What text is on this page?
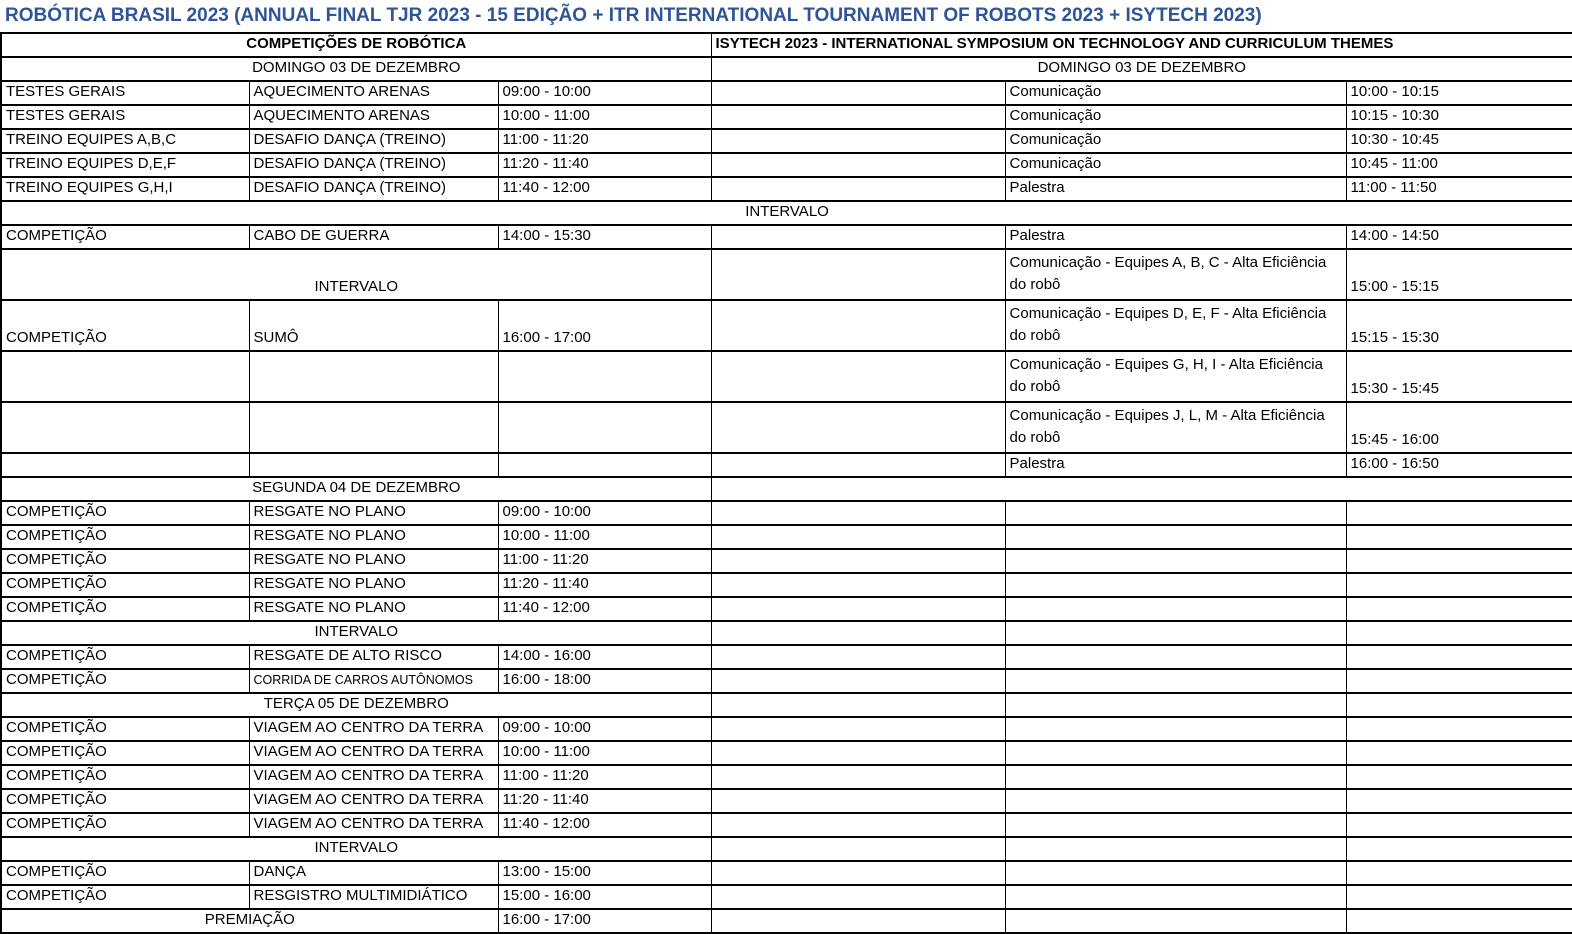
ROBÓTICA BRASIL 2023 (ANNUAL FINAL TJR 2023 - 15 EDIÇÃO + ITR INTERNATIONAL TOURNAMENT OF ROBOTS 2023 + ISYTECH 2023)
COMPETIÇÕES DE ROBÓTICA			ISYTECH 2023 - INTERNATIONAL SYMPOSIUM ON TECHNOLOGY AND CURRICULUM THEMES		
DOMINGO 03 DE DEZEMBRO			DOMINGO 03 DE DEZEMBRO		
TESTES GERAIS	AQUECIMENTO ARENAS	09:00 - 10:00		Comunicação	10:00 - 10:15
TESTES GERAIS	AQUECIMENTO ARENAS	10:00 - 11:00		Comunicação	10:15 - 10:30
TREINO EQUIPES A,B,C	DESAFIO DANÇA (TREINO)	11:00 - 11:20		Comunicação	10:30 - 10:45
TREINO EQUIPES D,E,F	DESAFIO DANÇA (TREINO)	11:20 - 11:40		Comunicação	10:45 - 11:00
TREINO EQUIPES G,H,I	DESAFIO DANÇA (TREINO)	11:40 - 12:00		Palestra	11:00 - 11:50
INTERVALO					
COMPETIÇÃO	CABO DE GUERRA	14:00 - 15:30		Palestra	14:00 - 14:50
INTERVALO				Comunicação - Equipes A, B, C - Alta Eficiência do robô	15:00 - 15:15
COMPETIÇÃO	SUMÔ	16:00 - 17:00		Comunicação - Equipes D, E, F - Alta Eficiência do robô	15:15 - 15:30
				Comunicação - Equipes G, H, I - Alta Eficiência do robô	15:30 - 15:45
				Comunicação - Equipes J, L, M - Alta Eficiência do robô	15:45 - 16:00
				Palestra	16:00 - 16:50
SEGUNDA 04 DE DEZEMBRO					
COMPETIÇÃO	RESGATE NO PLANO	09:00 - 10:00			
COMPETIÇÃO	RESGATE NO PLANO	10:00 - 11:00			
COMPETIÇÃO	RESGATE NO PLANO	11:00 - 11:20			
COMPETIÇÃO	RESGATE NO PLANO	11:20 - 11:40			
COMPETIÇÃO	RESGATE NO PLANO	11:40 - 12:00			
INTERVALO					
COMPETIÇÃO	RESGATE DE ALTO RISCO	14:00 - 16:00			
COMPETIÇÃO	CORRIDA DE CARROS AUTÔNOMOS	16:00 - 18:00			
TERÇA 05 DE DEZEMBRO					
COMPETIÇÃO	VIAGEM AO CENTRO DA TERRA	09:00 - 10:00			
COMPETIÇÃO	VIAGEM AO CENTRO DA TERRA	10:00 - 11:00			
COMPETIÇÃO	VIAGEM AO CENTRO DA TERRA	11:00 - 11:20			
COMPETIÇÃO	VIAGEM AO CENTRO DA TERRA	11:20 - 11:40			
COMPETIÇÃO	VIAGEM AO CENTRO DA TERRA	11:40 - 12:00			
INTERVALO					
COMPETIÇÃO	DANÇA	13:00 - 15:00			
COMPETIÇÃO	RESGISTRO MULTIMIDIÁTICO	15:00 - 16:00			
PREMIAÇÃO		16:00 - 17:00			
